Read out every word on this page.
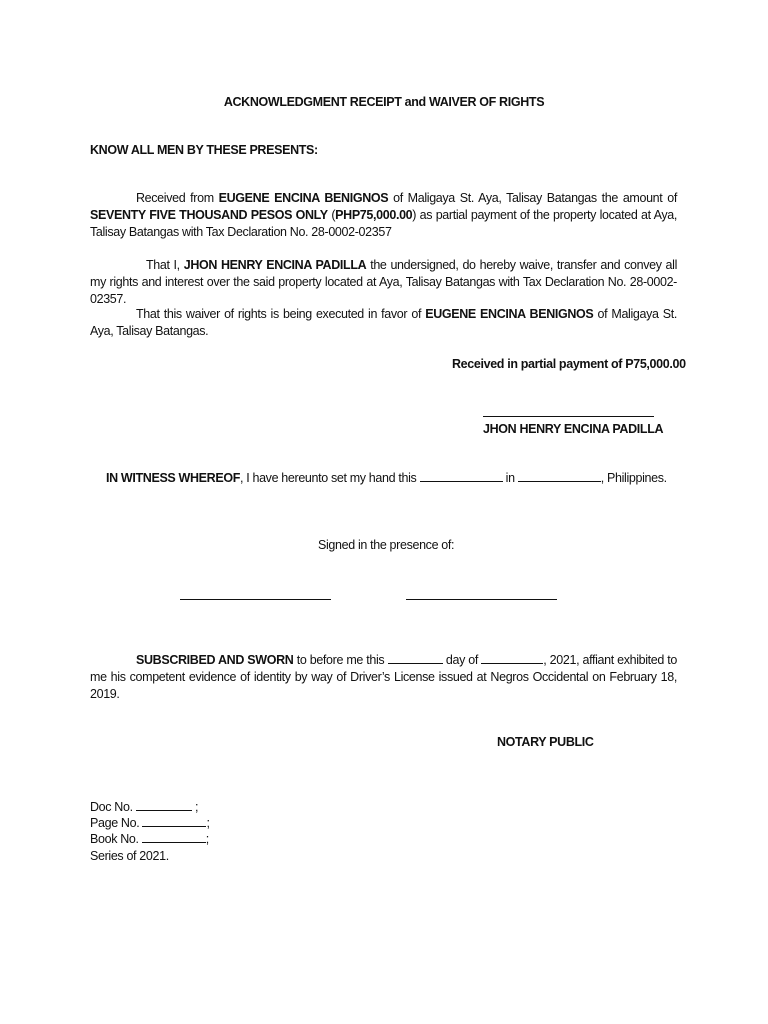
ACKNOWLEDGMENT RECEIPT and WAIVER OF RIGHTS

KNOW ALL MEN BY THESE PRESENTS:

Received from EUGENE ENCINA BENIGNOS of Maligaya St. Aya, Talisay Batangas the amount of SEVENTY FIVE THOUSAND PESOS ONLY (PHP75,000.00) as partial payment of the property located at Aya, Talisay Batangas with Tax Declaration No. 28-0002-02357

That I, JHON HENRY ENCINA PADILLA the undersigned, do hereby waive, transfer and convey all my rights and interest over the said property located at Aya, Talisay Batangas with Tax Declaration No. 28-0002-02357.

That this waiver of rights is being executed in favor of EUGENE ENCINA BENIGNOS of Maligaya St. Aya, Talisay Batangas.

Received in partial payment of P75,000.00

JHON HENRY ENCINA PADILLA

IN WITNESS WHEREOF, I have hereunto set my hand this	in	, Philippines.

Signed in the presence of:

SUBSCRIBED AND SWORN to before me this	day of	, 2021, affiant exhibited to me his competent evidence of identity by way of Driver’s License issued at Negros Occidental on February 18, 2019.

NOTARY PUBLIC

Doc No.	;
Page No.	;
Book No.	;
Series of 2021.
